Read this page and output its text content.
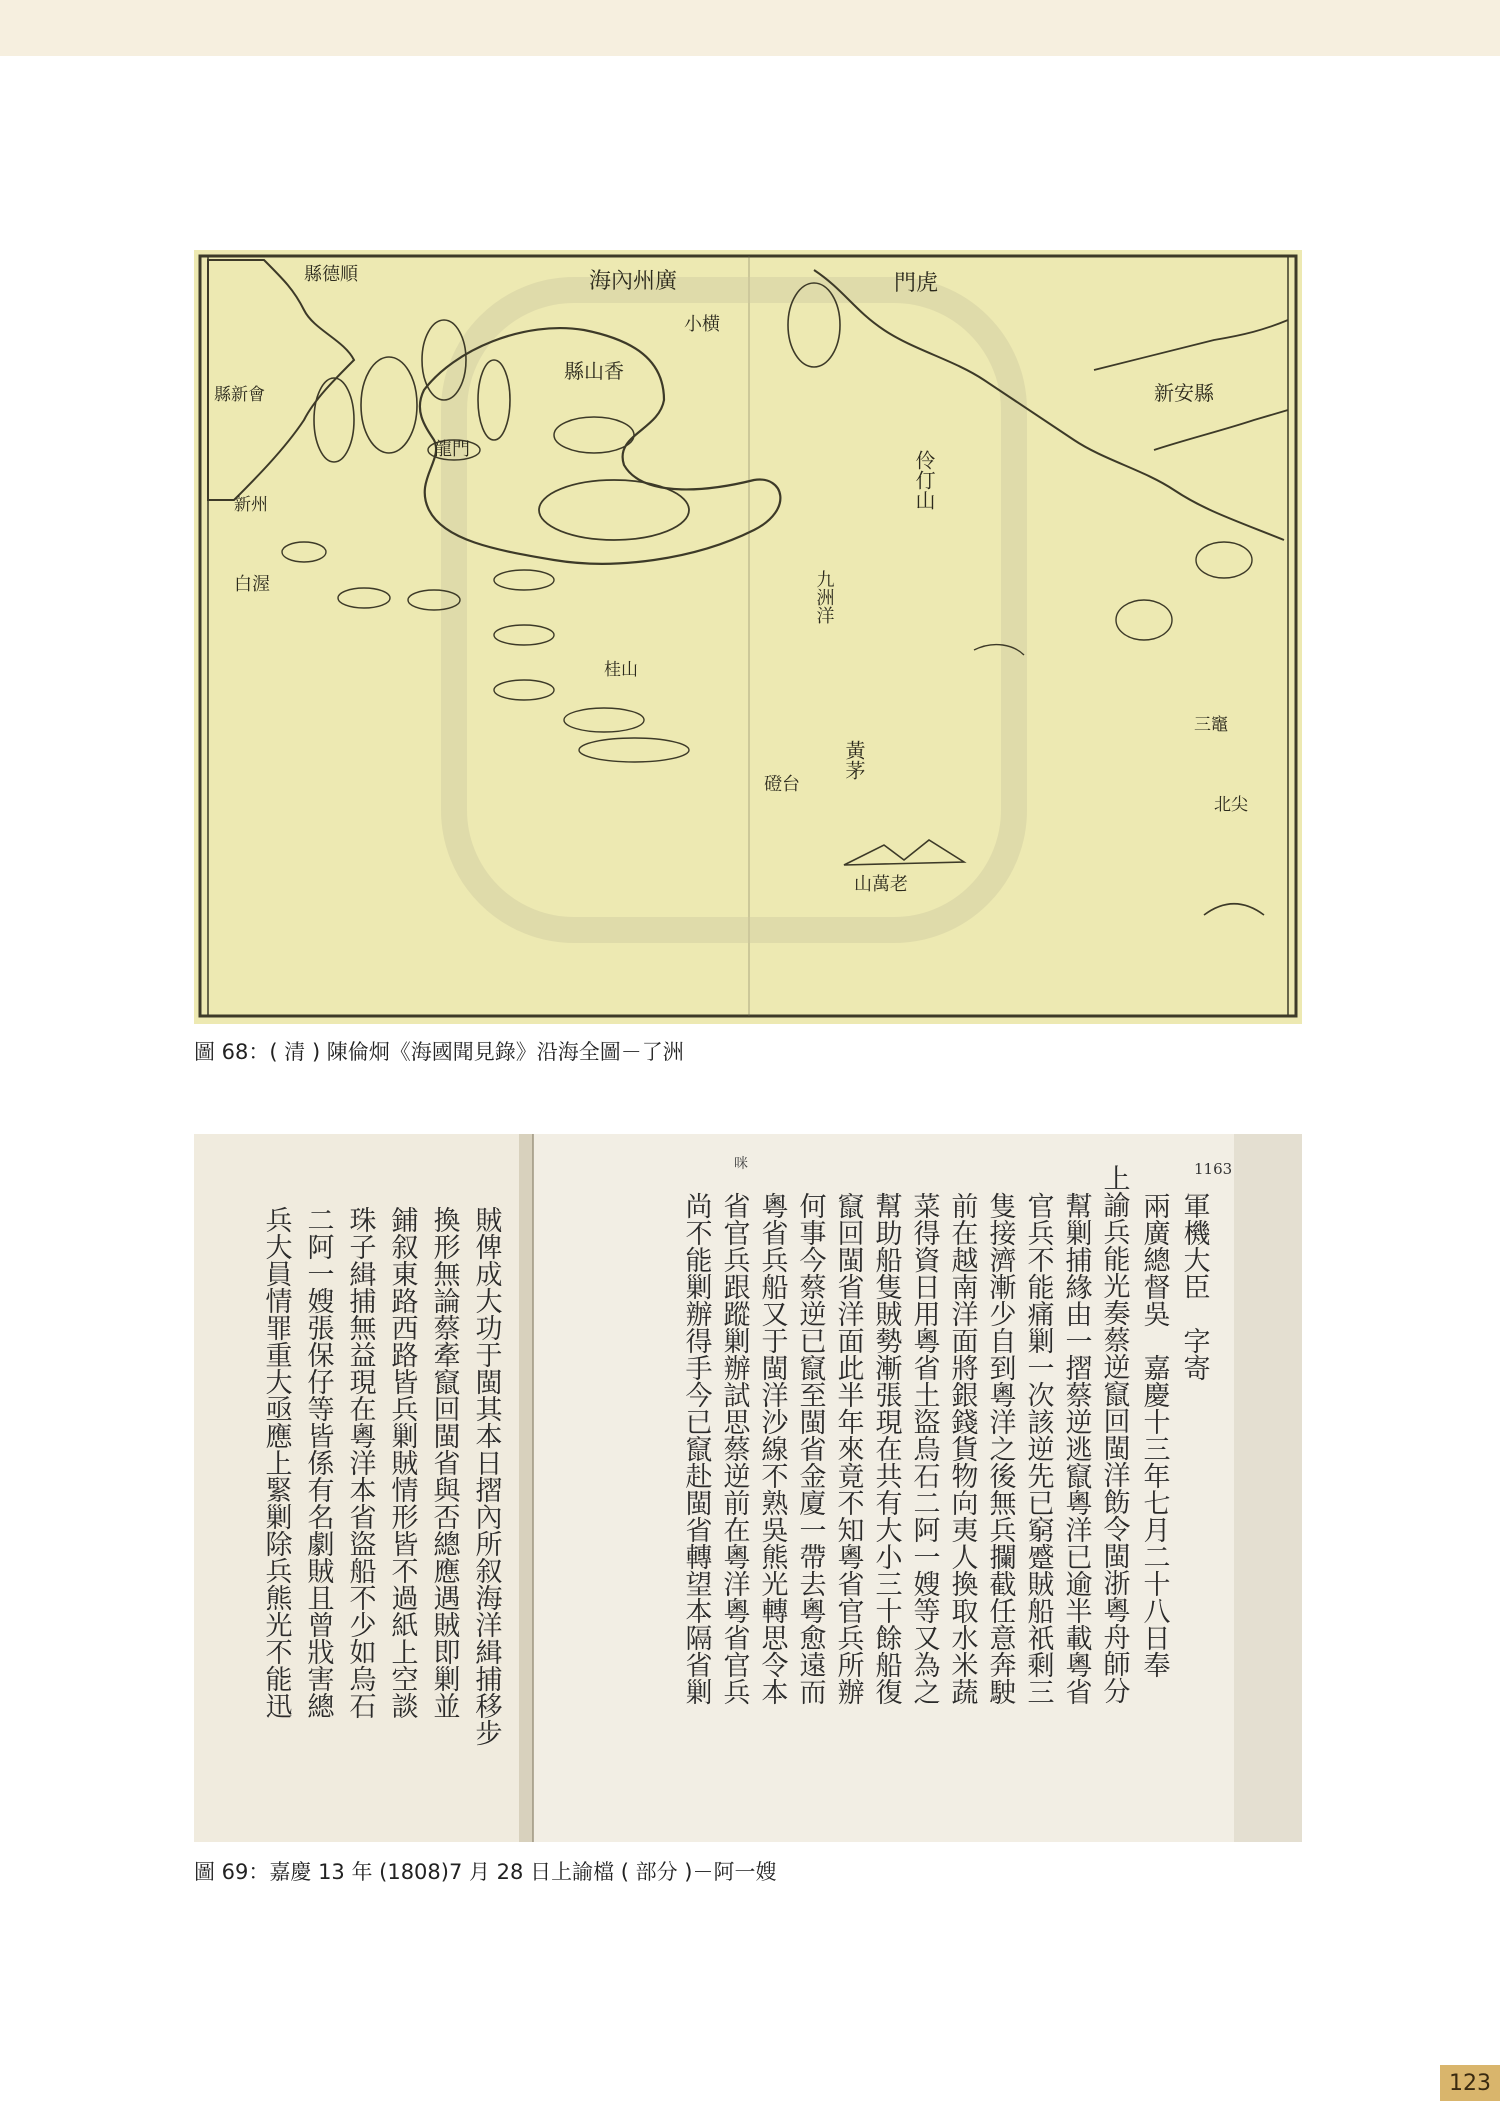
海內州廣	門虎
縣山香
縣德順
新安縣
伶仃山
九洲洋
黃茅
山萬老
小横
龍門
白渥
新州
磴台
三竈
北尖
縣新會
桂山
圖 68：( 清 ) 陳倫炯《海國聞見錄》沿海全圖－了洲
咪	1163
軍機大臣　字寄
兩廣總督吳　嘉慶十三年七月二十八日奉
上諭兵能光奏蔡逆竄回閩洋飭令閩浙粵舟師分
幫剿捕緣由一摺蔡逆逃竄粵洋已逾半載粵省
官兵不能痛剿一次該逆先已窮蹙賊船祇剩三
隻接濟漸少自到粵洋之後無兵攔截任意奔駛
前在越南洋面將銀錢貨物向夷人換取水米蔬
菜得資日用粵省土盜烏石二阿一嫂等又為之
幫助船隻賊勢漸張現在共有大小三十餘船復
竄回閩省洋面此半年來竟不知粵省官兵所辦
何事今蔡逆已竄至閩省金廈一帶去粵愈遠而
粵省兵船又于閩洋沙線不熟吳熊光轉思令本
省官兵跟蹤剿辦試思蔡逆前在粵洋粵省官兵
尚不能剿辦得手今已竄赴閩省轉望本隔省剿
賊俾成大功于閩其本日摺內所叙海洋緝捕移步
換形無論蔡牽竄回閩省與否總應遇賊即剿並
鋪叙東路西路皆兵剿賊情形皆不過紙上空談
珠子緝捕無益現在粵洋本省盜船不少如烏石
二阿一嫂張保仔等皆係有名劇賊且曾戕害總
兵大員情罪重大亟應上緊剿除兵熊光不能迅
圖 69：嘉慶 13 年 (1808)7 月 28 日上諭檔 ( 部分 )－阿一嫂
123
